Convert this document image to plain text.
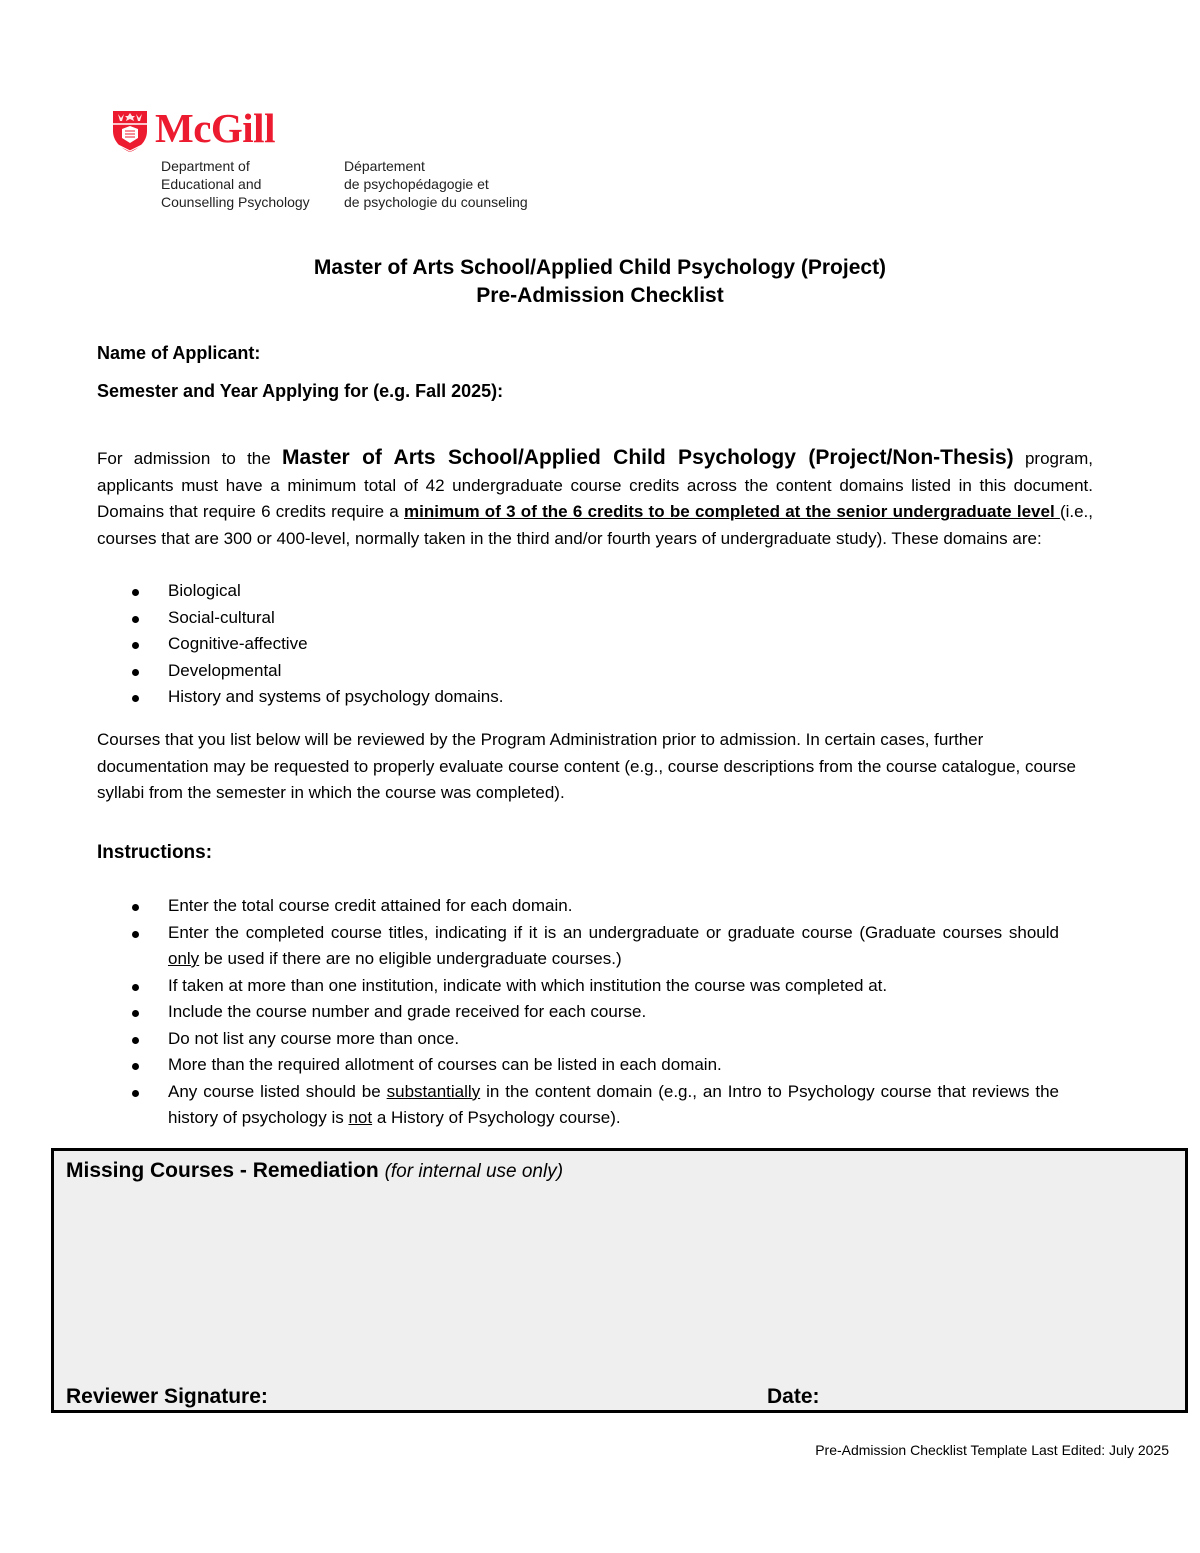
McGill
Department of
Educational and
Counselling Psychology
Département
de psychopédagogie et
de psychologie du counseling
Master of Arts School/Applied Child Psychology (Project)
Pre-Admission Checklist
Name of Applicant:
Semester and Year Applying for (e.g. Fall 2025):
For admission to the Master of Arts School/Applied Child Psychology (Project/Non-Thesis) program, applicants must have a minimum total of 42 undergraduate course credits across the content domains listed in this document. Domains that require 6 credits require a minimum of 3 of the 6 credits to be completed at the senior undergraduate level (i.e., courses that are 300 or 400-level, normally taken in the third and/or fourth years of undergraduate study). These domains are:
Biological
Social-cultural
Cognitive-affective
Developmental
History and systems of psychology domains.
Courses that you list below will be reviewed by the Program Administration prior to admission. In certain cases, further documentation may be requested to properly evaluate course content (e.g., course descriptions from the course catalogue, course syllabi from the semester in which the course was completed).
Instructions:
Enter the total course credit attained for each domain.
Enter the completed course titles, indicating if it is an undergraduate or graduate course (Graduate courses should only be used if there are no eligible undergraduate courses.)
If taken at more than one institution, indicate with which institution the course was completed at.
Include the course number and grade received for each course.
Do not list any course more than once.
More than the required allotment of courses can be listed in each domain.
Any course listed should be substantially in the content domain (e.g., an Intro to Psychology course that reviews the history of psychology is not a History of Psychology course).
Missing Courses - Remediation (for internal use only)
Reviewer Signature:	Date:
Pre-Admission Checklist Template Last Edited: July 2025
